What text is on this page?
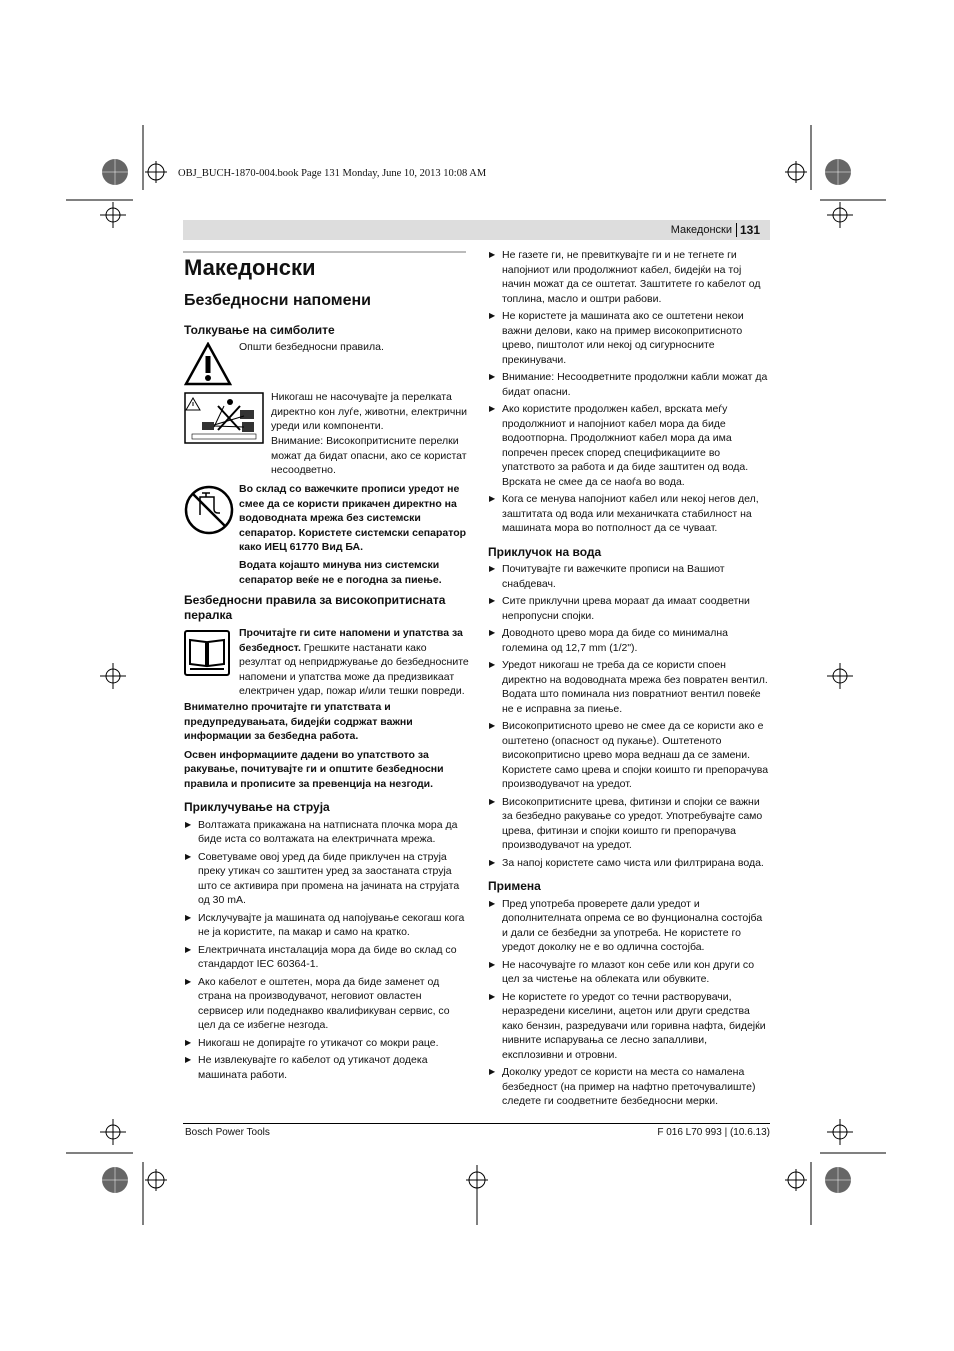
OBJ_BUCH-1870-004.book Page 131 Monday, June 10, 2013 10:08 AM
Македонски 131
Македонски
Безбедносни напомени
Толкување на симболите

Општи безбедносни правила.

Никогаш не насочувајте ја перелката директно кон луѓе, животни, електрични уреди или компоненти.

Внимание: Високопритисните перелки можат да бидат опасни, ако се користат несоодветно.

Во склад со важечките прописи уредот не смее да се користи прикачен директно на водоводната мрежа без системски сепаратор. Користете системски сепаратор како ИЕЦ 61770 Вид БА.

Водата којашто минува низ системски сепаратор веќе не е погодна за пиење.

Безбедносни правила за високопритисната пералка

Прочитајте ги сите напомени и упатства за безбедност. Грешките настанати како резултат од непридржување до безбедносните напомени и упатства може да предизвикаат електричен удар, пожар и/или тешки повреди.

Внимателно прочитајте ги упатствата и предупредувањата, бидејќи содржат важни информации за безбедна работа.

Освен информациите дадени во упатството за ракување, почитувајте ги и општите безбедносни правила и прописите за превенција на незгоди.

Приклучување на струја
▶ Волтажата прикажана на натписната плочка мора да биде иста со волтажата на електричната мрежа.
▶ Советуваме овој уред да биде приклучен на струја преку утикач со заштитен уред за заостаната струја што се активира при промена на јачината на струјата од 30 mA.
▶ Исклучувајте ја машината од напојување секогаш кога не ја користите, па макар и само на кратко.
▶ Електричната инсталација мора да биде во склад со стандардот IEC 60364-1.
▶ Ако кабелот е оштетен, мора да биде заменет од страна на производувачот, неговиот овластен сервисер или подеднакво квалификуван сервис, со цел да се избегне незгода.
▶ Никогаш не допирајте го утикачот со мокри раце.
▶ Не извлекувајте го кабелот од утикачот додека машината работи.
▶ Не газете ги, не превиткувајте ги и не тегнете ги напојниот или продолжниот кабел, бидејќи на тој начин можат да се оштетат. Заштитете го кабелот од топлина, масло и оштри рабови.
▶ Не користете ја машината ако се оштетени некои важни делови, како на пример високопритисното црево, пиштолот или некој од сигурносните прекинувачи.
▶ Внимание: Несоодветните продолжни кабли можат да бидат опасни.
▶ Ако користите продолжен кабел, врската меѓу продолжниот и напојниот кабел мора да биде водоотпорна. Продолжниот кабел мора да има попречен пресек според спецификациите во упатството за работа и да биде заштитен од вода. Врската не смее да се наоѓа во вода.
▶ Кога се менува напојниот кабел или некој негов дел, заштитата од вода или механичката стабилност на машината мора во потполност да се чуваат.
Приклучок на вода
▶ Почитувајте ги важечките прописи на Вашиот снабдевач.
▶ Сите приклучни црева мораат да имаат соодветни непропусни спојки.
▶ Доводното црево мора да биде со минимална големина од 12,7 mm (1/2").
▶ Уредот никогаш не треба да се користи споен директно на водоводната мрежа без повратен вентил. Водата што поминала низ повратниот вентил повеќе не е исправна за пиење.
▶ Високопритисното црево не смее да се користи ако е оштетено (опасност од пукање). Оштетеното високопритисно црево мора веднаш да се замени. Користете само црева и спојки коишто ги препорачува производувачот на уредот.
▶ Високопритисните црева, фитинзи и спојки се важни за безбедно ракување со уредот. Употребувајте само црева, фитинзи и спојки коишто ги препорачува производувачот на уредот.
▶ За напој користете само чиста или филтрирана вода.
Примена
▶ Пред употреба проверете дали уредот и дополнителната опрема се во фунционална состојба и дали се безбедни за употреба. Не користете го уредот доколку не е во одлична состојба.
▶ Не насочувајте го млазот кон себе или кон други со цел за чистење на облеката или обувките.
▶ Не користете го уредот со течни растворувачи, неразредени киселини, ацетон или други средства како бензин, разредувачи или горивна нафта, бидејќи нивните испарувања се лесно запалливи, експлозивни и отровни.
▶ Доколку уредот се користи на места со намалена безбедност (на пример на нафтно преточувалиште) следете ги соодветните безбедносни мерки.
Bosch Power Tools	F 016 L70 993 | (10.6.13)
